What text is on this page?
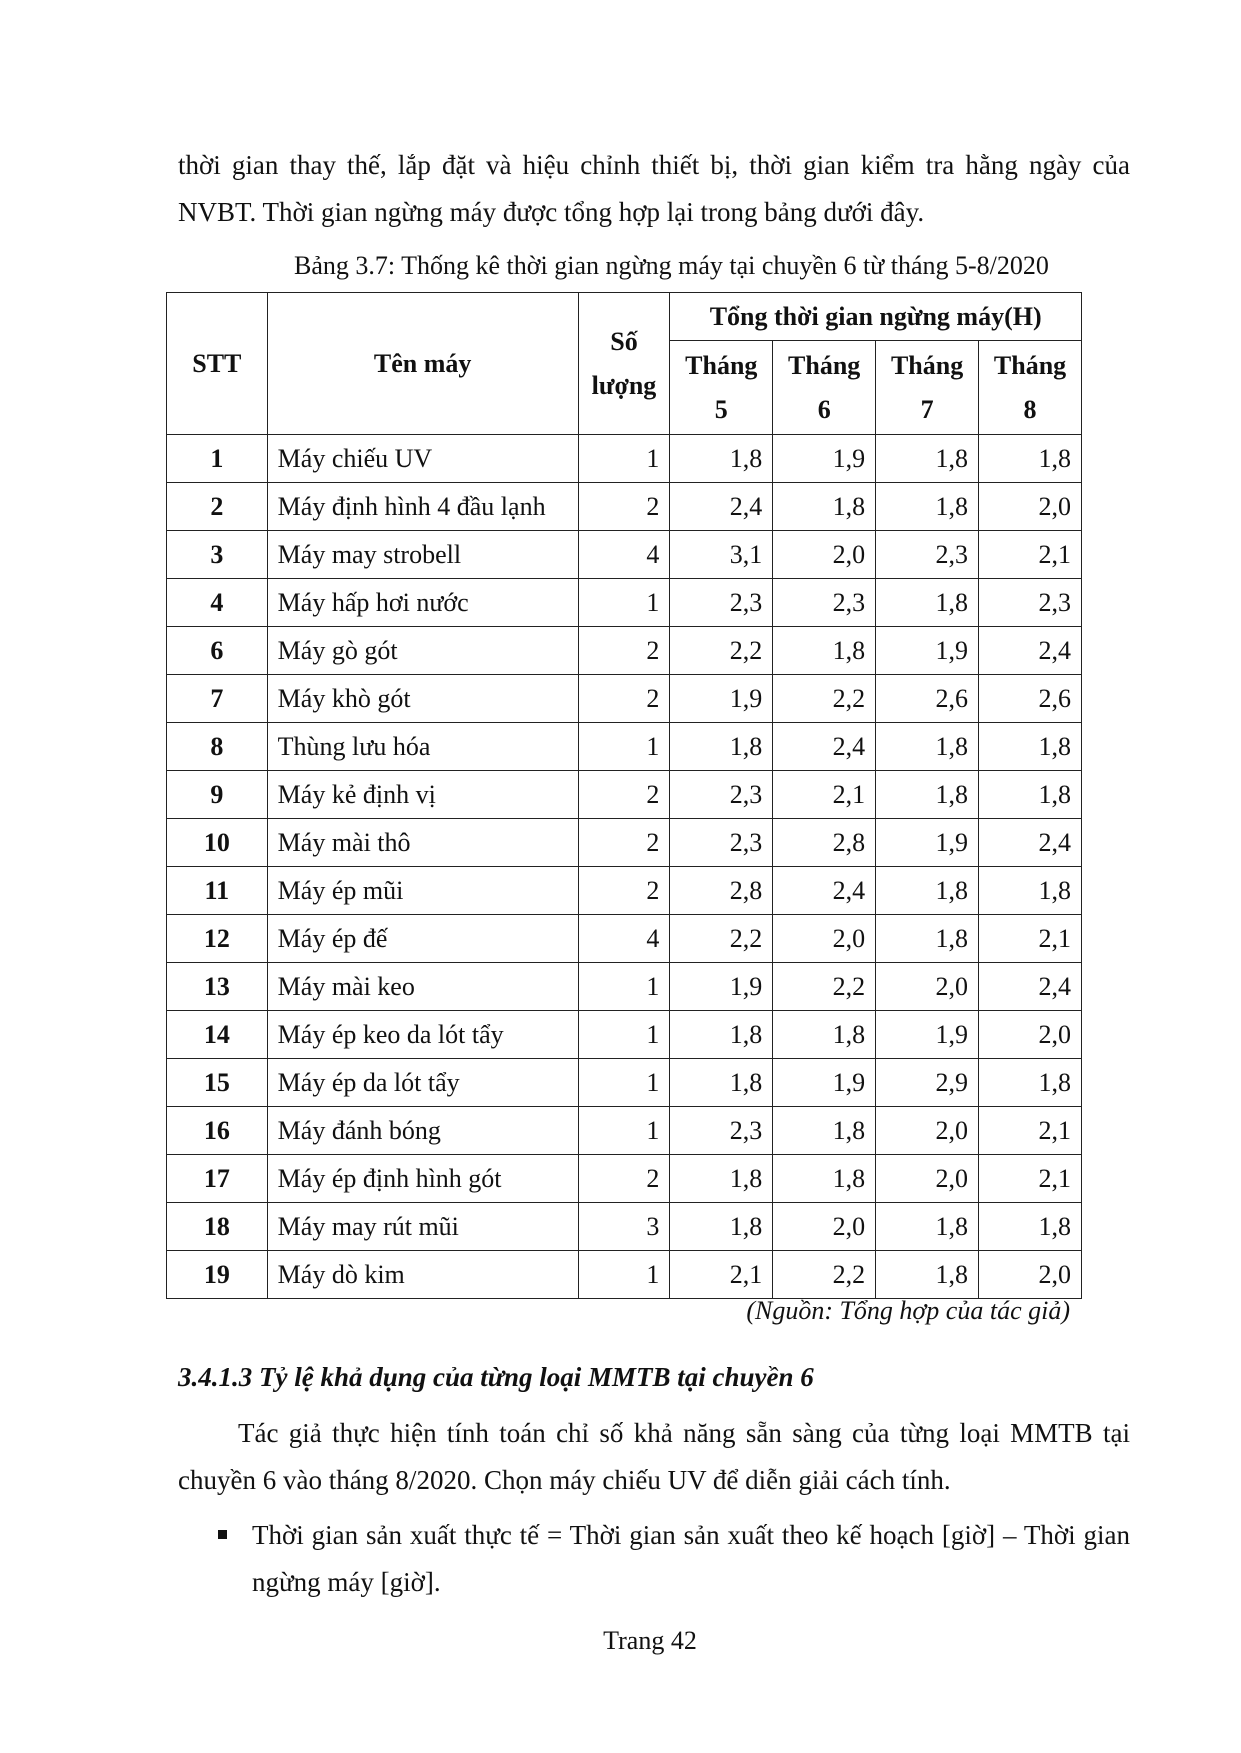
thời gian thay thế, lắp đặt và hiệu chỉnh thiết bị, thời gian kiểm tra hằng ngày của NVBT. Thời gian ngừng máy được tổng hợp lại trong bảng dưới đây.

Bảng 3.7: Thống kê thời gian ngừng máy tại chuyền 6 từ tháng 5-8/2020

STT	Tên máy	Số lượng	Tổng thời gian ngừng máy(H)			
			Tháng 5	Tháng 6	Tháng 7	Tháng 8
1	Máy chiếu UV	1	1,8	1,9	1,8	1,8
2	Máy định hình 4 đầu lạnh	2	2,4	1,8	1,8	2,0
3	Máy may strobell	4	3,1	2,0	2,3	2,1
4	Máy hấp hơi nước	1	2,3	2,3	1,8	2,3
6	Máy gò gót	2	2,2	1,8	1,9	2,4
7	Máy khò gót	2	1,9	2,2	2,6	2,6
8	Thùng lưu hóa	1	1,8	2,4	1,8	1,8
9	Máy kẻ định vị	2	2,3	2,1	1,8	1,8
10	Máy mài thô	2	2,3	2,8	1,9	2,4
11	Máy ép mũi	2	2,8	2,4	1,8	1,8
12	Máy ép đế	4	2,2	2,0	1,8	2,1
13	Máy mài keo	1	1,9	2,2	2,0	2,4
14	Máy ép keo da lót tẩy	1	1,8	1,8	1,9	2,0
15	Máy ép da lót tẩy	1	1,8	1,9	2,9	1,8
16	Máy đánh bóng	1	2,3	1,8	2,0	2,1
17	Máy ép định hình gót	2	1,8	1,8	2,0	2,1
18	Máy may rút mũi	3	1,8	2,0	1,8	1,8
19	Máy dò kim	1	2,1	2,2	1,8	2,0

(Nguồn: Tổng hợp của tác giả)

3.4.1.3 Tỷ lệ khả dụng của từng loại MMTB tại chuyền 6

Tác giả thực hiện tính toán chỉ số khả năng sẵn sàng của từng loại MMTB tại chuyền 6 vào tháng 8/2020. Chọn máy chiếu UV để diễn giải cách tính.

Thời gian sản xuất thực tế = Thời gian sản xuất theo kế hoạch [giờ] – Thời gian ngừng máy [giờ].

Trang 42
